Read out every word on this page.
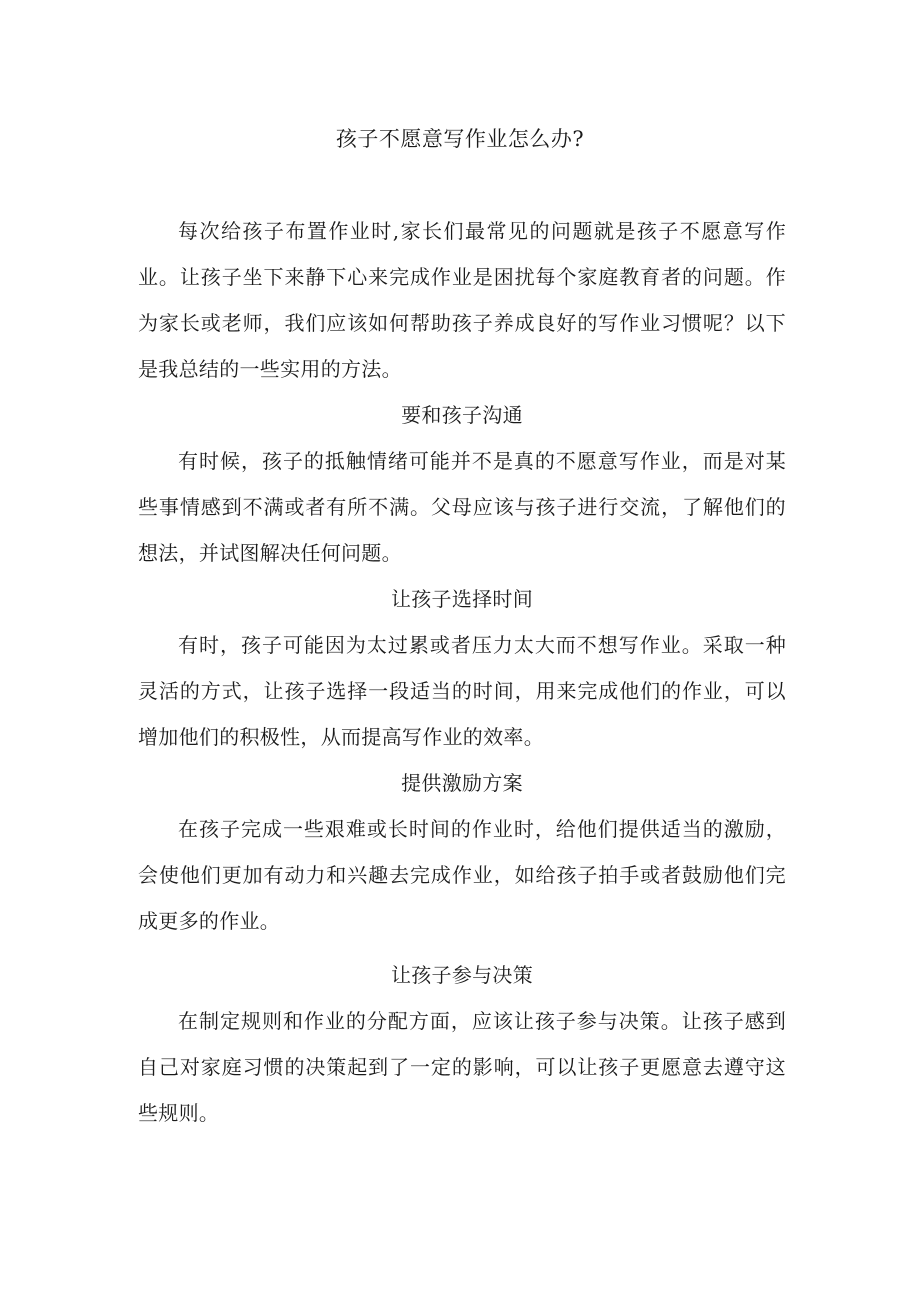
孩子不愿意写作业怎么办?

每次给孩子布置作业时,家长们最常见的问题就是孩子不愿意写作业。让孩子坐下来静下心来完成作业是困扰每个家庭教育者的问题。作为家长或老师，我们应该如何帮助孩子养成良好的写作业习惯呢？以下是我总结的一些实用的方法。

要和孩子沟通

有时候，孩子的抵触情绪可能并不是真的不愿意写作业，而是对某些事情感到不满或者有所不满。父母应该与孩子进行交流，了解他们的想法，并试图解决任何问题。

让孩子选择时间

有时，孩子可能因为太过累或者压力太大而不想写作业。采取一种灵活的方式，让孩子选择一段适当的时间，用来完成他们的作业，可以增加他们的积极性，从而提高写作业的效率。

提供激励方案

在孩子完成一些艰难或长时间的作业时，给他们提供适当的激励，会使他们更加有动力和兴趣去完成作业，如给孩子拍手或者鼓励他们完成更多的作业。

让孩子参与决策

在制定规则和作业的分配方面，应该让孩子参与决策。让孩子感到自己对家庭习惯的决策起到了一定的影响，可以让孩子更愿意去遵守这些规则。
